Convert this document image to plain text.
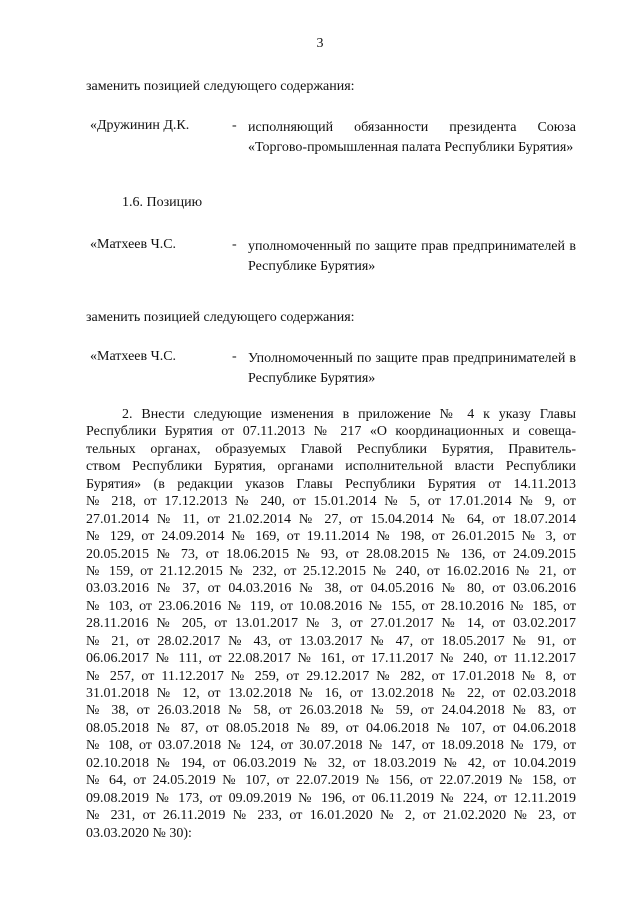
3
заменить позицией следующего содержания:
«Дружинин Д.К.	- исполняющий обязанности президента Союза «Торгово-промышленная палата Республики Бурятия»
1.6. Позицию
«Матхеев Ч.С.	- уполномоченный по защите прав предпринимателей в Республике Бурятия»
заменить позицией следующего содержания:
«Матхеев Ч.С.	- Уполномоченный по защите прав предпринимателей в Республике Бурятия»
2. Внести следующие изменения в приложение № 4 к указу Главы
Республики Бурятия от 07.11.2013 № 217 «О координационных и совеща-
тельных органах, образуемых Главой Республики Бурятия, Правитель-
ством Республики Бурятия, органами исполнительной власти Республики
Бурятия» (в редакции указов Главы Республики Бурятия от 14.11.2013
№ 218, от 17.12.2013 № 240, от 15.01.2014 № 5, от 17.01.2014 № 9, от
27.01.2014 № 11, от 21.02.2014 № 27, от 15.04.2014 № 64, от 18.07.2014
№ 129, от 24.09.2014 № 169, от 19.11.2014 № 198, от 26.01.2015 № 3, от
20.05.2015 № 73, от 18.06.2015 № 93, от 28.08.2015 № 136, от 24.09.2015
№ 159, от 21.12.2015 № 232, от 25.12.2015 № 240, от 16.02.2016 № 21, от
03.03.2016 № 37, от 04.03.2016 № 38, от 04.05.2016 № 80, от 03.06.2016
№ 103, от 23.06.2016 № 119, от 10.08.2016 № 155, от 28.10.2016 № 185, от
28.11.2016 № 205, от 13.01.2017 № 3, от 27.01.2017 № 14, от 03.02.2017
№ 21, от 28.02.2017 № 43, от 13.03.2017 № 47, от 18.05.2017 № 91, от
06.06.2017 № 111, от 22.08.2017 № 161, от 17.11.2017 № 240, от 11.12.2017
№ 257, от 11.12.2017 № 259, от 29.12.2017 № 282, от 17.01.2018 № 8, от
31.01.2018 № 12, от 13.02.2018 № 16, от 13.02.2018 № 22, от 02.03.2018
№ 38, от 26.03.2018 № 58, от 26.03.2018 № 59, от 24.04.2018 № 83, от
08.05.2018 № 87, от 08.05.2018 № 89, от 04.06.2018 № 107, от 04.06.2018
№ 108, от 03.07.2018 № 124, от 30.07.2018 № 147, от 18.09.2018 № 179, от
02.10.2018 № 194, от 06.03.2019 № 32, от 18.03.2019 № 42, от 10.04.2019
№ 64, от 24.05.2019 № 107, от 22.07.2019 № 156, от 22.07.2019 № 158, от
09.08.2019 № 173, от 09.09.2019 № 196, от 06.11.2019 № 224, от 12.11.2019
№ 231, от 26.11.2019 № 233, от 16.01.2020 № 2, от 21.02.2020 № 23, от
03.03.2020 № 30):
